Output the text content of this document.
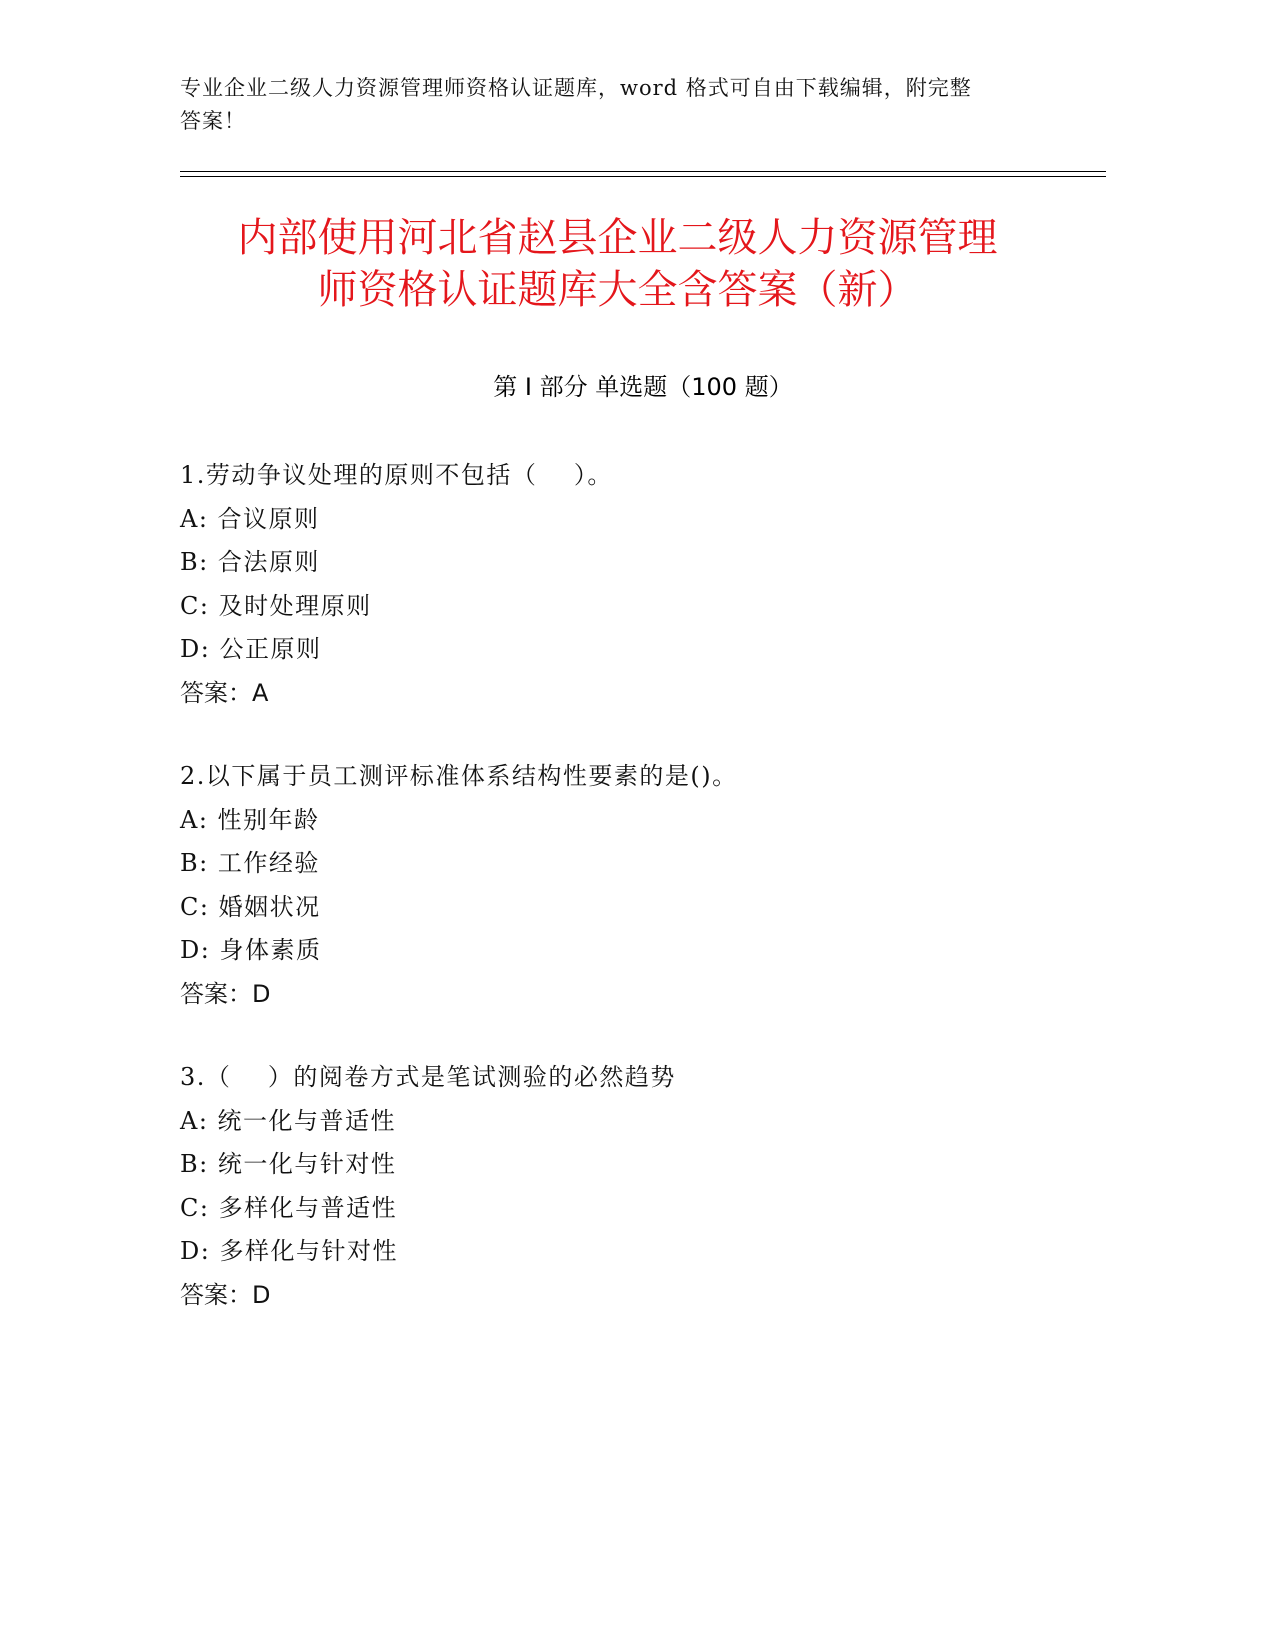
专业企业二级人力资源管理师资格认证题库，word 格式可自由下载编辑，附完整
答案！
内部使用河北省赵县企业二级人力资源管理
师资格认证题库大全含答案（新）
第 I 部分 单选题（100 题）
1.劳动争议处理的原则不包括（    ）。
A: 合议原则
B: 合法原则
C: 及时处理原则
D: 公正原则
答案：A
2.以下属于员工测评标准体系结构性要素的是()。
A: 性别年龄
B: 工作经验
C: 婚姻状况
D: 身体素质
答案：D
3.（    ）的阅卷方式是笔试测验的必然趋势
A: 统一化与普适性
B: 统一化与针对性
C: 多样化与普适性
D: 多样化与针对性
答案：D
